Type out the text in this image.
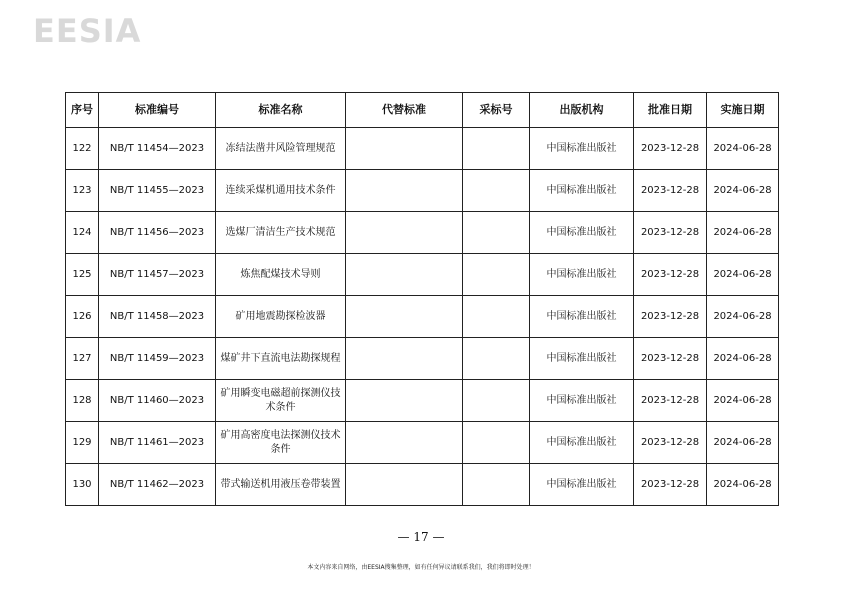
EESIA
序号	标准编号	标准名称	代替标准	采标号	出版机构	批准日期	实施日期
122	NB/T 11454—2023	冻结法凿井风险管理规范			中国标准出版社	2023-12-28	2024-06-28
123	NB/T 11455—2023	连续采煤机通用技术条件			中国标准出版社	2023-12-28	2024-06-28
124	NB/T 11456—2023	选煤厂清洁生产技术规范			中国标准出版社	2023-12-28	2024-06-28
125	NB/T 11457—2023	炼焦配煤技术导则			中国标准出版社	2023-12-28	2024-06-28
126	NB/T 11458—2023	矿用地震勘探检波器			中国标准出版社	2023-12-28	2024-06-28
127	NB/T 11459—2023	煤矿井下直流电法勘探规程			中国标准出版社	2023-12-28	2024-06-28
128	NB/T 11460—2023	矿用瞬变电磁超前探测仪技术条件			中国标准出版社	2023-12-28	2024-06-28
129	NB/T 11461—2023	矿用高密度电法探测仪技术条件			中国标准出版社	2023-12-28	2024-06-28
130	NB/T 11462—2023	带式输送机用液压卷带装置			中国标准出版社	2023-12-28	2024-06-28
— 17 —
本文内容来自网络，由EESIA搜集整理，如有任何异议请联系我们，我们将即时处理！
